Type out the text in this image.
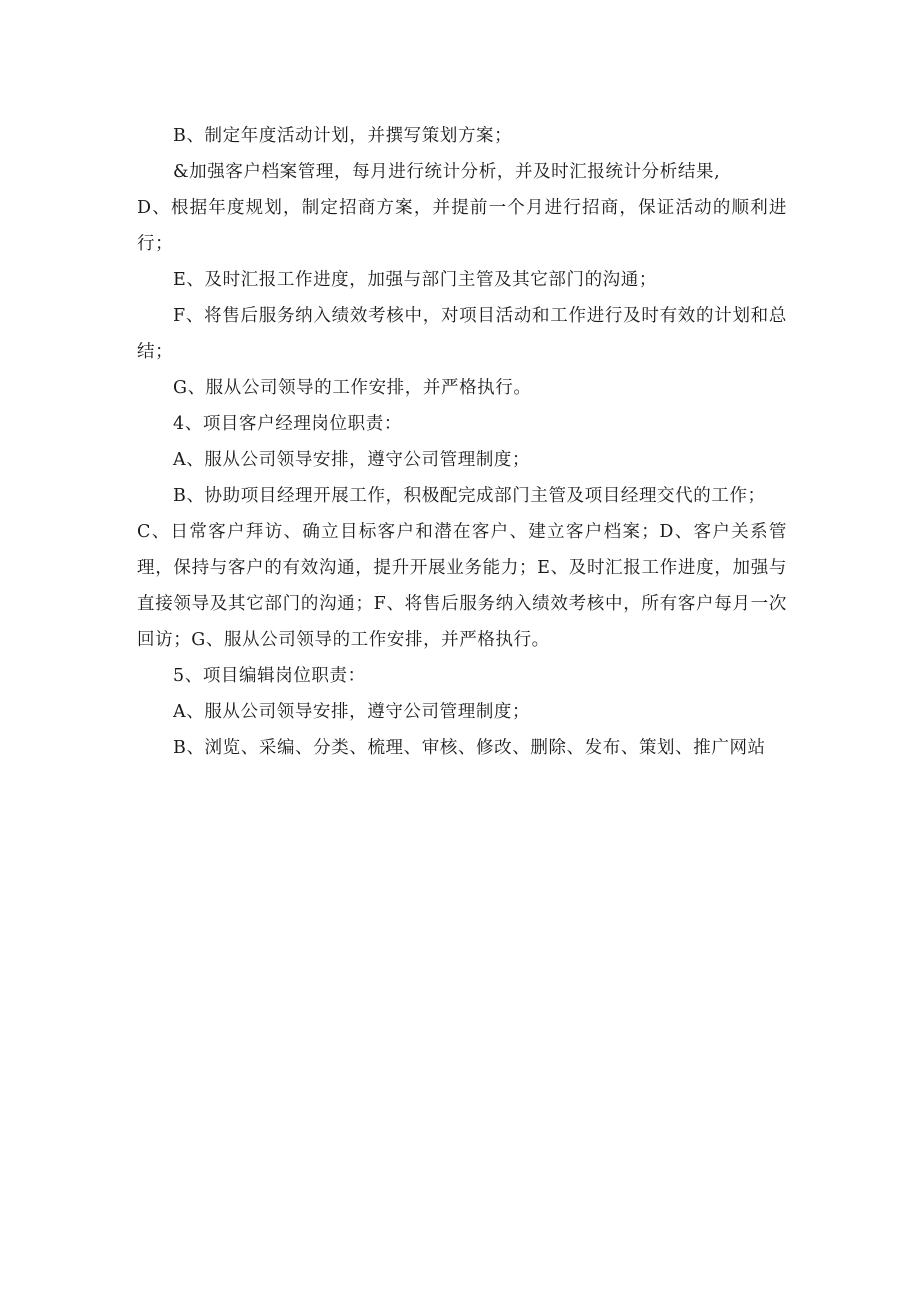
B、制定年度活动计划，并撰写策划方案；

&加强客户档案管理，每月进行统计分析，并及时汇报统计分析结果,

D、根据年度规划，制定招商方案，并提前一个月进行招商，保证活动的顺利进行；

E、及时汇报工作进度，加强与部门主管及其它部门的沟通；

F、将售后服务纳入绩效考核中，对项目活动和工作进行及时有效的计划和总结；

G、服从公司领导的工作安排，并严格执行。

4、项目客户经理岗位职责：

A、服从公司领导安排，遵守公司管理制度；

B、协助项目经理开展工作，积极配完成部门主管及项目经理交代的工作；

C、日常客户拜访、确立目标客户和潜在客户、建立客户档案；D、客户关系管理，保持与客户的有效沟通，提升开展业务能力；E、及时汇报工作进度，加强与直接领导及其它部门的沟通；F、将售后服务纳入绩效考核中，所有客户每月一次回访；G、服从公司领导的工作安排，并严格执行。

5、项目编辑岗位职责：

A、服从公司领导安排，遵守公司管理制度；

B、浏览、采编、分类、梳理、审核、修改、删除、发布、策划、推广网站
